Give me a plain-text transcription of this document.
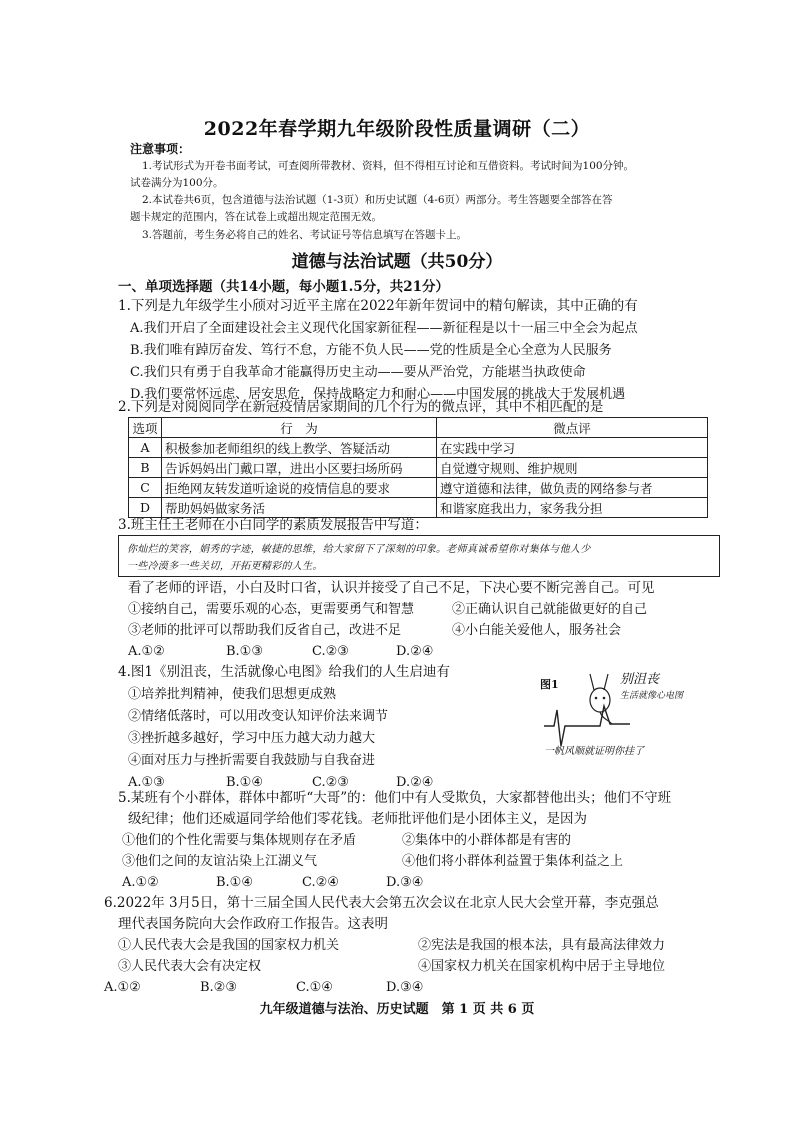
2022年春学期九年级阶段性质量调研（二）
注意事项：
1.考试形式为开卷书面考试，可查阅所带教材、资料，但不得相互讨论和互借资料。考试时间为100分钟。
试卷满分为100分。
2.本试卷共6页，包含道德与法治试题（1-3页）和历史试题（4-6页）两部分。考生答题要全部答在答
题卡规定的范围内，答在试卷上或超出规定范围无效。
3.答题前，考生务必将自己的姓名、考试证号等信息填写在答题卡上。
道德与法治试题（共50分）
一、单项选择题（共14小题，每小题1.5分，共21分）
1.下列是九年级学生小颀对习近平主席在2022年新年贺词中的精句解读，其中正确的有
A.我们开启了全面建设社会主义现代化国家新征程——新征程是以十一届三中全会为起点
B.我们唯有踔厉奋发、笃行不怠，方能不负人民——党的性质是全心全意为人民服务
C.我们只有勇于自我革命才能赢得历史主动——要从严治党，方能堪当执政使命
D.我们要常怀远虑、居安思危，保持战略定力和耐心——中国发展的挑战大于发展机遇
2.下列是对阅阅同学在新冠疫情居家期间的几个行为的微点评，其中不相匹配的是
选项	行　为	微点评
A	积极参加老师组织的线上教学、答疑活动	在实践中学习
B	告诉妈妈出门戴口罩，进出小区要扫场所码	自觉遵守规则、维护规则
C	拒绝网友转发道听途说的疫情信息的要求	遵守道德和法律，做负责的网络参与者
D	帮助妈妈做家务活	和谐家庭我出力，家务我分担
3.班主任王老师在小白同学的素质发展报告中写道：
你灿烂的笑容，娟秀的字迹，敏捷的思维，给大家留下了深刻的印象。老师真诚希望你对集体与他人少
一些冷漠多一些关切，开拓更精彩的人生。
看了老师的评语，小白及时口省，认识并接受了自己不足，下决心要不断完善自己。可见
①接纳自己，需要乐观的心态，更需要勇气和智慧	②正确认识自己就能做更好的自己
③老师的批评可以帮助我们反省自己，改进不足	④小白能关爱他人，服务社会
A.①②	B.①③	C.②③	D.②④
4.图1《别沮丧，生活就像心电图》给我们的人生启迪有
①培养批判精神，使我们思想更成熟
②情绪低落时，可以用改变认知评价法来调节
③挫折越多越好，学习中压力越大动力越大
④面对压力与挫折需要自我鼓励与自我奋进
A.①③	B.①④	C.②③	D.②④
图1	别沮丧
生活就像心电图
一帆风顺就证明你挂了
5.某班有个小群体，群体中都听“大哥”的：他们中有人受欺负，大家都替他出头；他们不守班
级纪律；他们还威逼同学给他们零花钱。老师批评他们是小团体主义，是因为
①他们的个性化需要与集体规则存在矛盾	②集体中的小群体都是有害的
③他们之间的友谊沾染上江湖义气	④他们将小群体利益置于集体利益之上
A.①②	B.①④	C.②④	D.③④
6.2022年 3月5日，第十三届全国人民代表大会第五次会议在北京人民大会堂开幕，李克强总
理代表国务院向大会作政府工作报告。这表明
①人民代表大会是我国的国家权力机关	②宪法是我国的根本法，具有最高法律效力
③人民代表大会有决定权	④国家权力机关在国家机构中居于主导地位
A.①②	B.②③	C.①④	D.③④
九年级道德与法治、历史试题　第 1 页 共 6 页
